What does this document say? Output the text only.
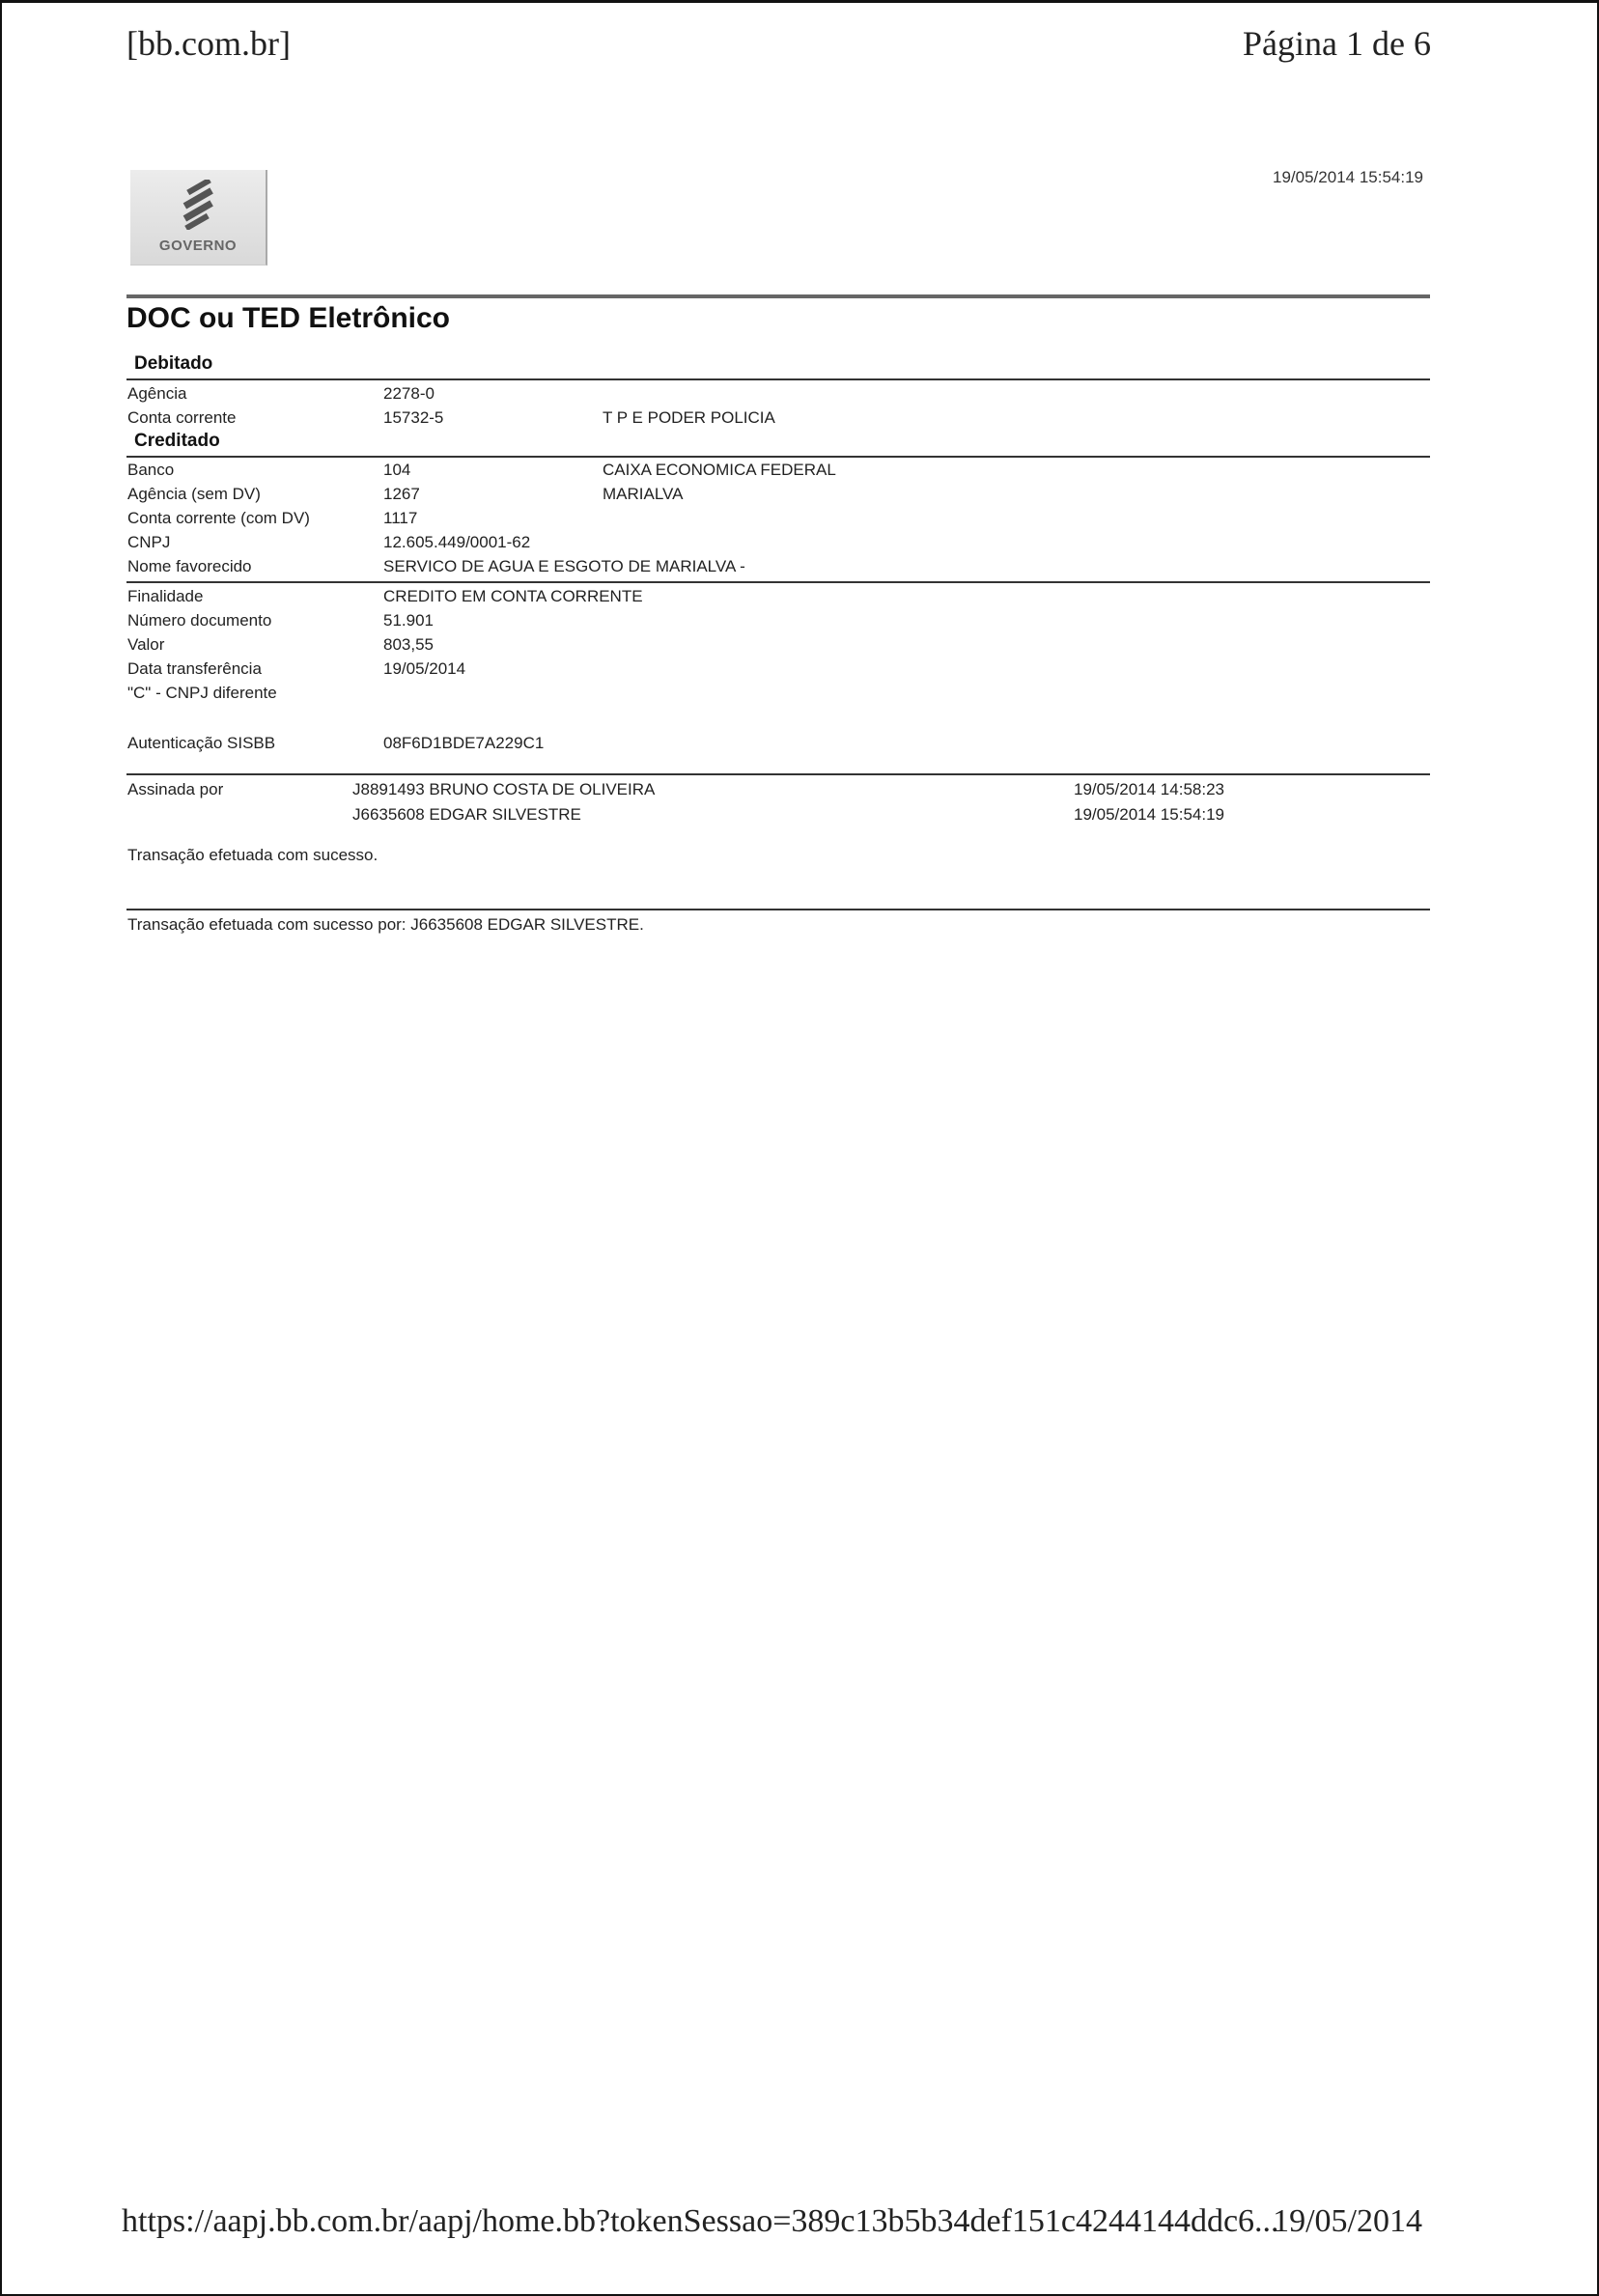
[bb.com.br]	Página 1 de 6
19/05/2014 15:54:19
GOVERNO
DOC ou TED Eletrônico
Debitado
Agência	2278-0
Conta corrente	15732-5	T P E PODER POLICIA
Creditado
Banco	104	CAIXA ECONOMICA FEDERAL
Agência (sem DV)	1267	MARIALVA
Conta corrente (com DV)	1117
CNPJ	12.605.449/0001-62
Nome favorecido	SERVICO DE AGUA E ESGOTO DE MARIALVA -
Finalidade	CREDITO EM CONTA CORRENTE
Número documento	51.901
Valor	803,55
Data transferência	19/05/2014
"C" - CNPJ diferente
Autenticação SISBB	08F6D1BDE7A229C1
Assinada por	J8891493 BRUNO COSTA DE OLIVEIRA	19/05/2014 14:58:23
J6635608 EDGAR SILVESTRE	19/05/2014 15:54:19
Transação efetuada com sucesso.
Transação efetuada com sucesso por: J6635608 EDGAR SILVESTRE.
https://aapj.bb.com.br/aapj/home.bb?tokenSessao=389c13b5b34def151c4244144ddc6...
19/05/2014
